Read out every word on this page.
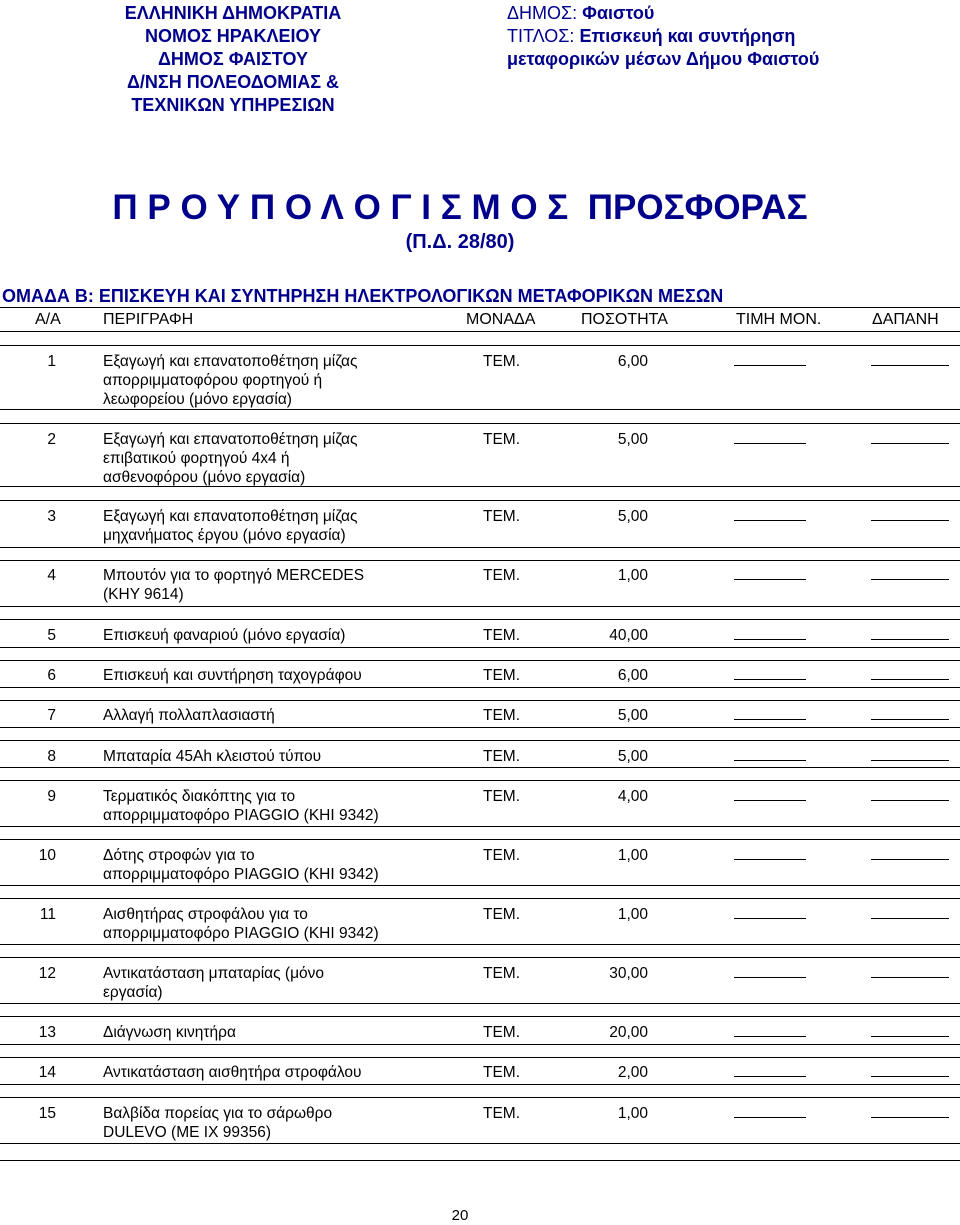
ΕΛΛΗΝΙΚΗ ΔΗΜΟΚΡΑΤΙΑ
ΝΟΜΟΣ ΗΡΑΚΛΕΙΟΥ
ΔΗΜΟΣ ΦΑΙΣΤΟΥ
Δ/ΝΣΗ ΠΟΛΕΟΔΟΜΙΑΣ &
ΤΕΧΝΙΚΩΝ ΥΠΗΡΕΣΙΩΝ
ΔΗΜΟΣ: Φαιστού
ΤΙΤΛΟΣ: Επισκευή και συντήρηση
μεταφορικών μέσων Δήμου Φαιστού
Π Ρ Ο Υ Π Ο Λ Ο Γ Ι Σ Μ Ο Σ  ΠΡΟΣΦΟΡΑΣ
(Π.Δ. 28/80)
ΟΜΑΔΑ Β: ΕΠΙΣΚΕΥΗ ΚΑΙ ΣΥΝΤΗΡΗΣΗ ΗΛΕΚΤΡΟΛΟΓΙΚΩΝ ΜΕΤΑΦΟΡΙΚΩΝ ΜΕΣΩΝ
Α/Α	ΠΕΡΙΓΡΑΦΗ	ΜΟΝΑΔΑ	ΠΟΣΟΤΗΤΑ	ΤΙΜΗ ΜΟΝ.	ΔΑΠΑΝΗ
1	Εξαγωγή και επανατοποθέτηση μίζας
απορριμματοφόρου φορτηγού ή
λεωφορείου (μόνο εργασία)
ΤΕΜ.	6,00
2	Εξαγωγή και επανατοποθέτηση μίζας
επιβατικού φορτηγού 4x4 ή
ασθενοφόρου (μόνο εργασία)
ΤΕΜ.	5,00
3	Εξαγωγή και επανατοποθέτηση μίζας
μηχανήματος έργου (μόνο εργασία)
ΤΕΜ.	5,00
4	Μπουτόν για το φορτηγό MERCEDES
(ΚΗΥ 9614)
ΤΕΜ.	1,00
5	Επισκευή φαναριού (μόνο εργασία)	ΤΕΜ.	40,00
6	Επισκευή και συντήρηση ταχογράφου	ΤΕΜ.	6,00
7	Αλλαγή πολλαπλασιαστή	ΤΕΜ.	5,00
8	Μπαταρία 45Ah κλειστού τύπου	ΤΕΜ.	5,00
9	Τερματικός διακόπτης για το
απορριμματοφόρο PIAGGIO (ΚΗΙ 9342)
ΤΕΜ.	4,00
10	Δότης στροφών για το
απορριμματοφόρο PIAGGIO (ΚΗΙ 9342)
ΤΕΜ.	1,00
11	Αισθητήρας στροφάλου για το
απορριμματοφόρο PIAGGIO (ΚΗΙ 9342)
ΤΕΜ.	1,00
12	Αντικατάσταση μπαταρίας (μόνο
εργασία)
ΤΕΜ.	30,00
13	Διάγνωση κινητήρα	ΤΕΜ.	20,00
14	Αντικατάσταση αισθητήρα στροφάλου	ΤΕΜ.	2,00
15	Βαλβίδα πορείας για το σάρωθρο
DULEVO (ΜΕ ΙΧ 99356)
ΤΕΜ.	1,00
20
